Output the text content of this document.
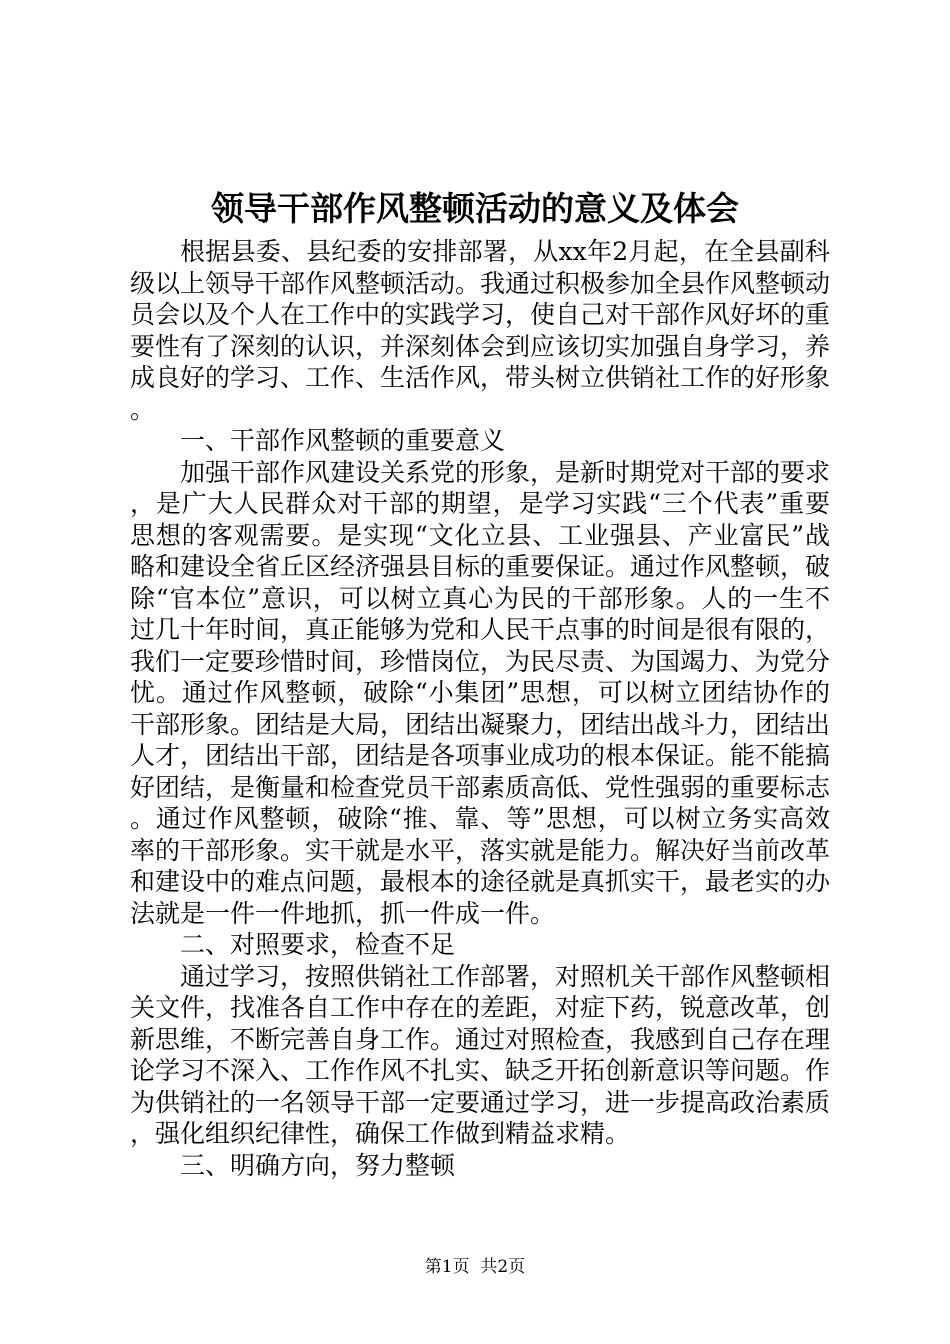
领导干部作风整顿活动的意义及体会

根据县委、县纪委的安排部署，从xx年2月起，在全县副科级以上领导干部作风整顿活动。我通过积极参加全县作风整顿动员会以及个人在工作中的实践学习，使自己对干部作风好坏的重要性有了深刻的认识，并深刻体会到应该切实加强自身学习，养成良好的学习、工作、生活作风，带头树立供销社工作的好形象。

一、干部作风整顿的重要意义

加强干部作风建设关系党的形象，是新时期党对干部的要求，是广大人民群众对干部的期望，是学习实践“三个代表”重要思想的客观需要。是实现“文化立县、工业强县、产业富民”战略和建设全省丘区经济强县目标的重要保证。通过作风整顿，破除“官本位”意识，可以树立真心为民的干部形象。人的一生不过几十年时间，真正能够为党和人民干点事的时间是很有限的，我们一定要珍惜时间，珍惜岗位，为民尽责、为国竭力、为党分忧。通过作风整顿，破除“小集团”思想，可以树立团结协作的干部形象。团结是大局，团结出凝聚力，团结出战斗力，团结出人才，团结出干部，团结是各项事业成功的根本保证。能不能搞好团结，是衡量和检查党员干部素质高低、党性强弱的重要标志。通过作风整顿，破除“推、靠、等”思想，可以树立务实高效率的干部形象。实干就是水平，落实就是能力。解决好当前改革和建设中的难点问题，最根本的途径就是真抓实干，最老实的办法就是一件一件地抓，抓一件成一件。

二、对照要求，检查不足

通过学习，按照供销社工作部署，对照机关干部作风整顿相关文件，找准各自工作中存在的差距，对症下药，锐意改革，创新思维，不断完善自身工作。通过对照检查，我感到自己存在理论学习不深入、工作作风不扎实、缺乏开拓创新意识等问题。作为供销社的一名领导干部一定要通过学习，进一步提高政治素质，强化组织纪律性，确保工作做到精益求精。

三、明确方向，努力整顿

第1页  共2页
